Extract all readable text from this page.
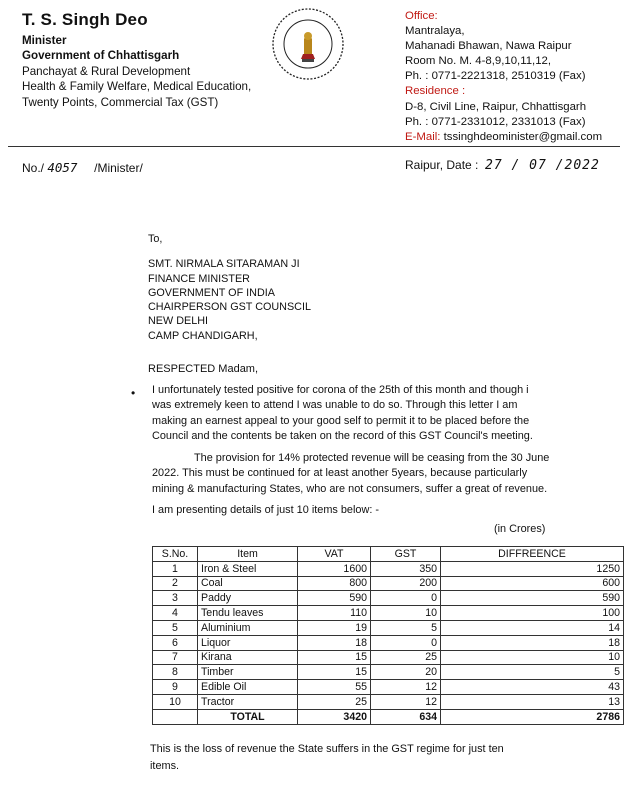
T. S. Singh Deo
Minister
Government of Chhattisgarh
Panchayat & Rural Development
Health & Family Welfare, Medical Education,
Twenty Points, Commercial Tax (GST)
Office:
Mantralaya,
Mahanadi Bhawan, Nawa Raipur
Room No. M. 4-8,9,10,11,12,
Ph. : 0771-2221318, 2510319 (Fax)
Residence :
D-8, Civil Line, Raipur, Chhattisgarh
Ph. : 0771-2331012, 2331013 (Fax)
E-Mail: tssinghdeominister@gmail.com
No./ 4057 /Minister/	Raipur, Date : 27 / 07 /2022
To,
SMT. NIRMALA SITARAMAN JI
FINANCE MINISTER
GOVERNMENT OF INDIA
CHAIRPERSON GST COUNSCIL
NEW DELHI
CAMP CHANDIGARH,
RESPECTED Madam,
• I unfortunately tested positive for corona of the 25th of this month and though i was extremely keen to attend I was unable to do so. Through this letter I am making an earnest appeal to your good self to permit it to be placed before the Council and the contents be taken on the record of this GST Council's meeting.
The provision for 14% protected revenue will be ceasing from the 30 June 2022. This must be continued for at least another 5years, because particularly mining & manufacturing States, who are not consumers, suffer a great of revenue.
I am presenting details of just 10 items below: -
(in Crores)
S.No.	Item	VAT	GST	DIFFREENCE
1	Iron & Steel	1600	350	1250
2	Coal	800	200	600
3	Paddy	590	0	590
4	Tendu leaves	110	10	100
5	Aluminium	19	5	14
6	Liquor	18	0	18
7	Kirana	15	25	10
8	Timber	15	20	5
9	Edible Oil	55	12	43
10	Tractor	25	12	13
	TOTAL	3420	634	2786
This is the loss of revenue the State suffers in the GST regime for just ten items.
